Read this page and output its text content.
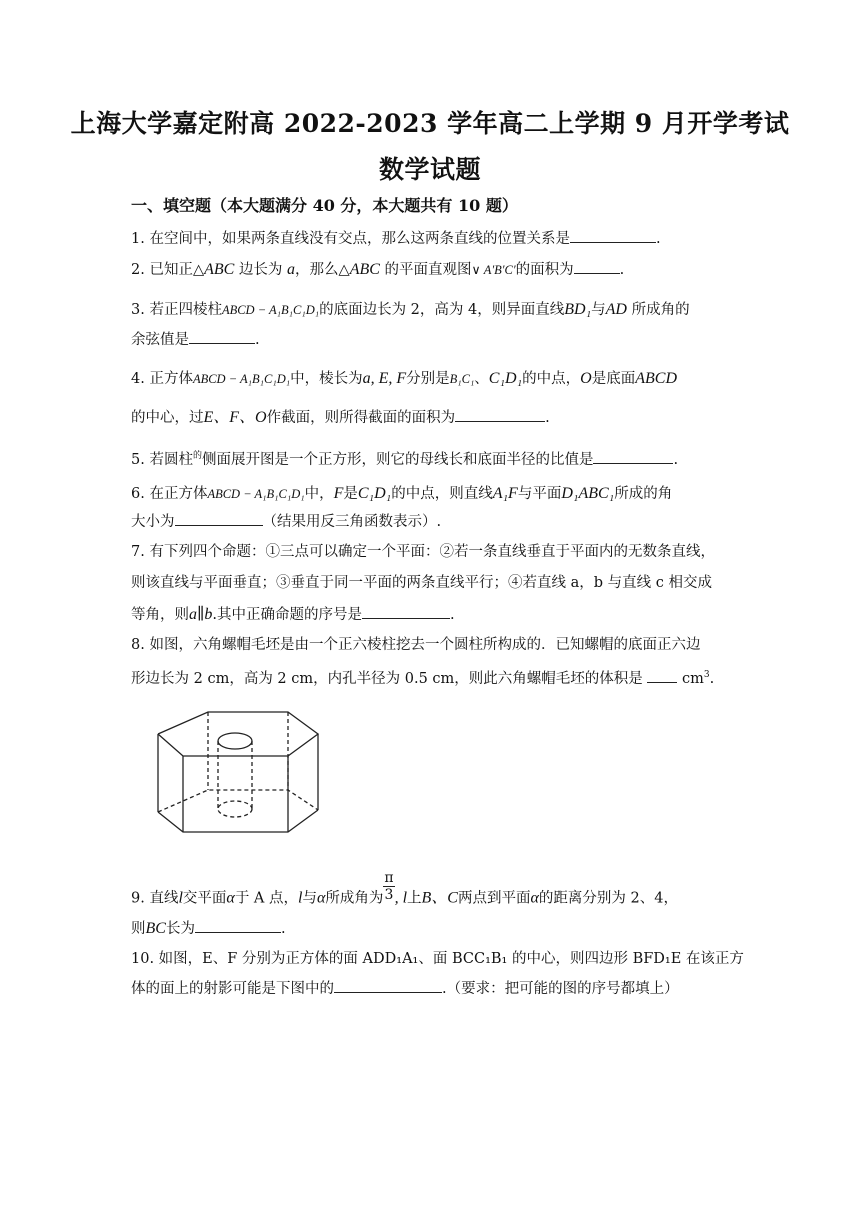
上海大学嘉定附高 2022-2023 学年高二上学期 9 月开学考试
数学试题
一、填空题（本大题满分 40 分，本大题共有 10 题）
1. 在空间中，如果两条直线没有交点，那么这两条直线的位置关系是	.
2. 已知正△ABC 边长为 a，那么△ABC 的平面直观图∨ A′B′C′的面积为	.
3. 若正四棱柱ABCD − A₁B₁C₁D₁的底面边长为 2，高为 4，则异面直线BD₁与AD 所成角的
余弦值是	.
4. 正方体ABCD − A₁B₁C₁D₁中，棱长为a, E, F分别是B₁C₁、C₁D₁的中点，O是底面ABCD
的中心，过E、F、O作截面，则所得截面的面积为	.
5. 若圆柱$^的$侧面展开图是一个正方形，则它的母线长和底面半径的比值是	.
6. 在正方体ABCD − A₁B₁C₁D₁中，F是C₁D₁的中点，则直线A₁F与平面D₁ABC₁所成的角
大小为	（结果用反三角函数表示）.
7. 有下列四个命题：①三点可以确定一个平面：②若一条直线垂直于平面内的无数条直线，
则该直线与平面垂直；③垂直于同一平面的两条直线平行；④若直线 a，b 与直线 c 相交成
等角，则a∥b.其中正确命题的序号是	.
8. 如图，六角螺帽毛坯是由一个正六棱柱挖去一个圆柱所构成的．已知螺帽的底面正六边
形边长为 2 cm，高为 2 cm，内孔半径为 0.5 cm，则此六角螺帽毛坯的体积是	$cm^3$.
9. 直线l交平面α于 A 点，l与α所成角为 $\frac{\pi}{3}$ , l上B、C两点到平面α的距离分别为 2、4，
则BC长为	.
10. 如图，E、F 分别为正方体的面 ADD₁A₁、面 BCC₁B₁ 的中心，则四边形 BFD₁E 在该正方
体的面上的射影可能是下图中的	.（要求：把可能的图的序号都填上）
